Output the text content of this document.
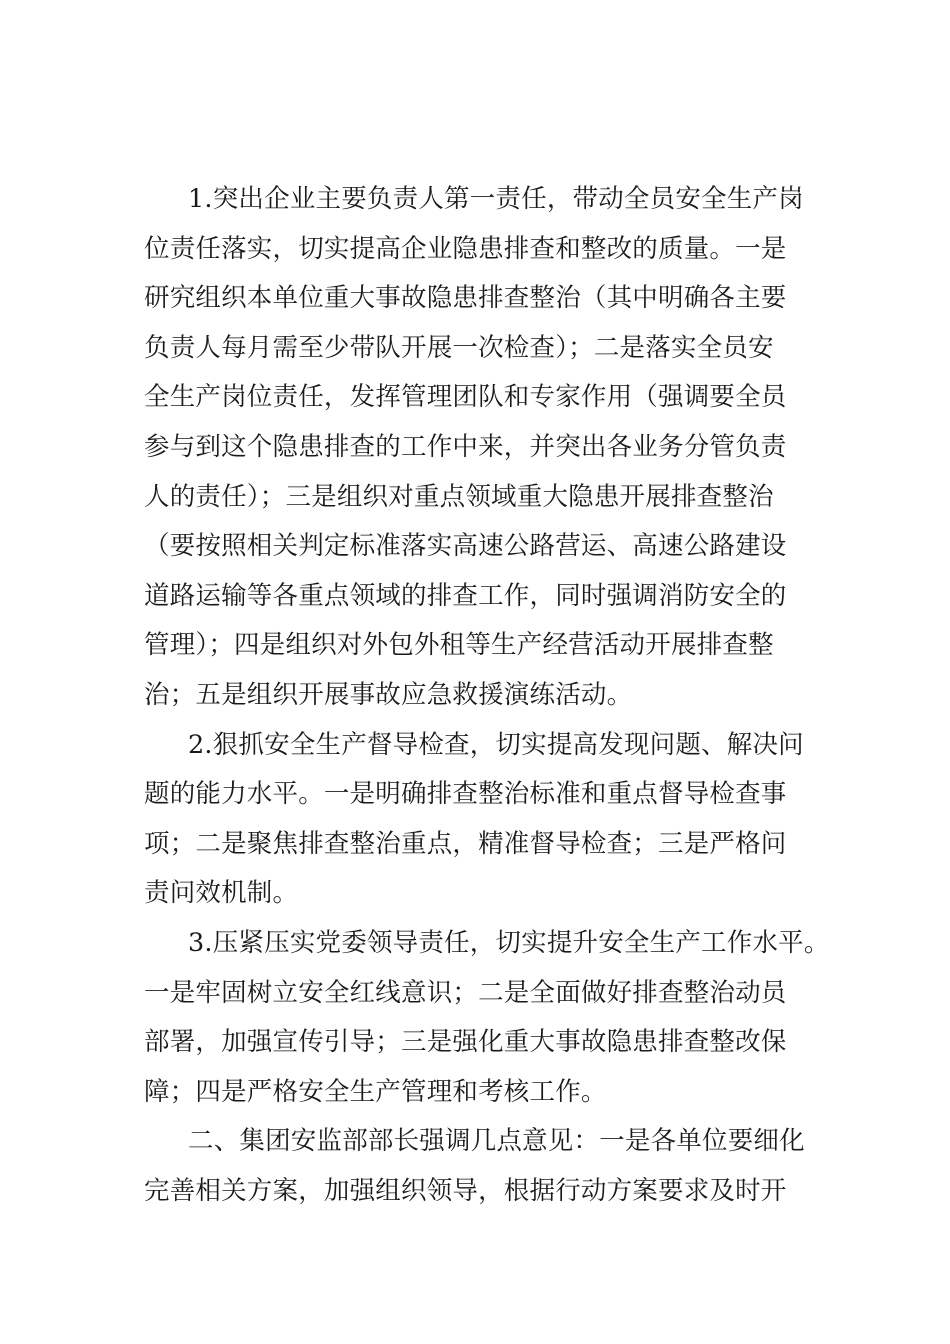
1.突出企业主要负责人第一责任，带动全员安全生产岗
位责任落实，切实提高企业隐患排查和整改的质量。一是
研究组织本单位重大事故隐患排查整治（其中明确各主要
负责人每月需至少带队开展一次检查）；二是落实全员安
全生产岗位责任，发挥管理团队和专家作用（强调要全员
参与到这个隐患排查的工作中来，并突出各业务分管负责
人的责任）；三是组织对重点领域重大隐患开展排查整治
（要按照相关判定标准落实高速公路营运、高速公路建设
道路运输等各重点领域的排查工作，同时强调消防安全的
管理）；四是组织对外包外租等生产经营活动开展排查整
治；五是组织开展事故应急救援演练活动。
2.狠抓安全生产督导检查，切实提高发现问题、解决问
题的能力水平。一是明确排查整治标准和重点督导检查事
项；二是聚焦排查整治重点，精准督导检查；三是严格问
责问效机制。
3.压紧压实党委领导责任，切实提升安全生产工作水平。
一是牢固树立安全红线意识；二是全面做好排查整治动员
部署，加强宣传引导；三是强化重大事故隐患排查整改保
障；四是严格安全生产管理和考核工作。
二、集团安监部部长强调几点意见：一是各单位要细化
完善相关方案，加强组织领导，根据行动方案要求及时开
